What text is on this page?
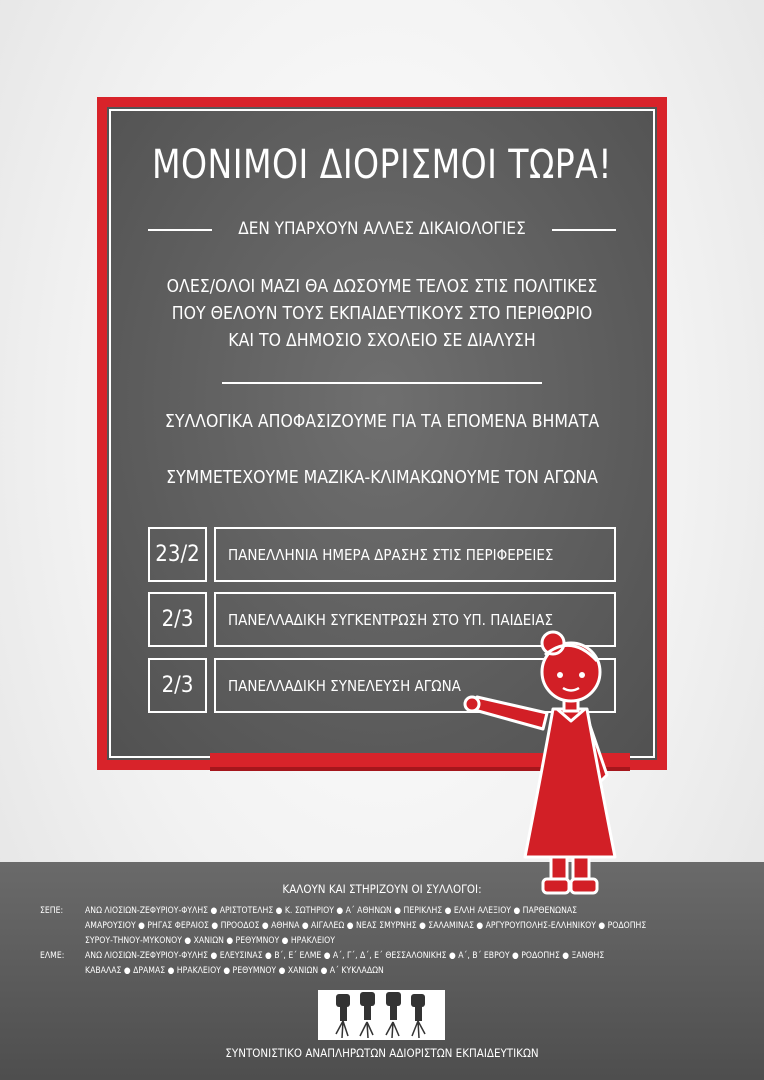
ΜΟΝΙΜΟΙ ΔΙΟΡΙΣΜΟΙ ΤΩΡΑ!
ΔΕΝ ΥΠΑΡΧΟΥΝ ΑΛΛΕΣ ΔΙΚΑΙΟΛΟΓΙΕΣ
ΟΛΕΣ/ΟΛΟΙ ΜΑΖΙ ΘΑ ΔΩΣΟΥΜΕ ΤΕΛΟΣ ΣΤΙΣ ΠΟΛΙΤΙΚΕΣ
ΠΟΥ ΘΕΛΟΥΝ ΤΟΥΣ ΕΚΠΑΙΔΕΥΤΙΚΟΥΣ ΣΤΟ ΠΕΡΙΘΩΡΙΟ
ΚΑΙ ΤΟ ΔΗΜΟΣΙΟ ΣΧΟΛΕΙΟ ΣΕ ΔΙΑΛΥΣΗ
ΣΥΛΛΟΓΙΚΑ ΑΠΟΦΑΣΙΖΟΥΜΕ ΓΙΑ ΤΑ ΕΠΟΜΕΝΑ ΒΗΜΑΤΑ
ΣΥΜΜΕΤΕΧΟΥΜΕ ΜΑΖΙΚΑ-ΚΛΙΜΑΚΩΝΟΥΜΕ ΤΟΝ ΑΓΩΝΑ
23/2	ΠΑΝΕΛΛΗΝΙΑ ΗΜΕΡΑ ΔΡΑΣΗΣ ΣΤΙΣ ΠΕΡΙΦΕΡΕΙΕΣ
2/3	ΠΑΝΕΛΛΑΔΙΚΗ ΣΥΓΚΕΝΤΡΩΣΗ ΣΤΟ ΥΠ. ΠΑΙΔΕΙΑΣ
2/3	ΠΑΝΕΛΛΑΔΙΚΗ ΣΥΝΕΛΕΥΣΗ ΑΓΩΝΑ
ΚΑΛΟΥΝ ΚΑΙ ΣΤΗΡΙΖΟΥΝ ΟΙ ΣΥΛΛΟΓΟΙ:
ΣΕΠΕ:	ΑΝΩ ΛΙΟΣΙΩΝ-ΖΕΦΥΡΙΟΥ-ΦΥΛΗΣ ● ΑΡΙΣΤΟΤΕΛΗΣ ● Κ. ΣΩΤΗΡΙΟΥ ● Α΄ ΑΘΗΝΩΝ ● ΠΕΡΙΚΛΗΣ ● ΕΛΛΗ ΑΛΕΞΙΟΥ ● ΠΑΡΘΕΝΩΝΑΣ
ΑΜΑΡΟΥΣΙΟΥ ● ΡΗΓΑΣ ΦΕΡΑΙΟΣ ● ΠΡΟΟΔΟΣ ● ΑΘΗΝΑ ● ΑΙΓΑΛΕΩ ● ΝΕΑΣ ΣΜΥΡΝΗΣ ● ΣΑΛΑΜΙΝΑΣ ● ΑΡΓΥΡΟΥΠΟΛΗΣ-ΕΛΛΗΝΙΚΟΥ ● ΡΟΔΟΠΗΣ
ΣΥΡΟΥ-ΤΗΝΟΥ-ΜΥΚΟΝΟΥ ● ΧΑΝΙΩΝ ● ΡΕΘΥΜΝΟΥ ● ΗΡΑΚΛΕΙΟΥ
ΕΛΜΕ: ΑΝΩ ΛΙΟΣΙΩΝ-ΖΕΦΥΡΙΟΥ-ΦΥΛΗΣ ● ΕΛΕΥΣΙΝΑΣ ● Β΄, Ε΄ ΕΛΜΕ ● Α΄, Γ΄, Δ΄, Ε΄ ΘΕΣΣΑΛΟΝΙΚΗΣ ● Α΄, Β΄ ΕΒΡΟΥ ● ΡΟΔΟΠΗΣ ● ΞΑΝΘΗΣ
ΚΑΒΑΛΑΣ ● ΔΡΑΜΑΣ ● ΗΡΑΚΛΕΙΟΥ ● ΡΕΘΥΜΝΟΥ ● ΧΑΝΙΩΝ ● Α΄ ΚΥΚΛΑΔΩΝ
ΣΥΝΤΟΝΙΣΤΙΚΟ ΑΝΑΠΛΗΡΩΤΩΝ ΑΔΙΟΡΙΣΤΩΝ ΕΚΠΑΙΔΕΥΤΙΚΩΝ
